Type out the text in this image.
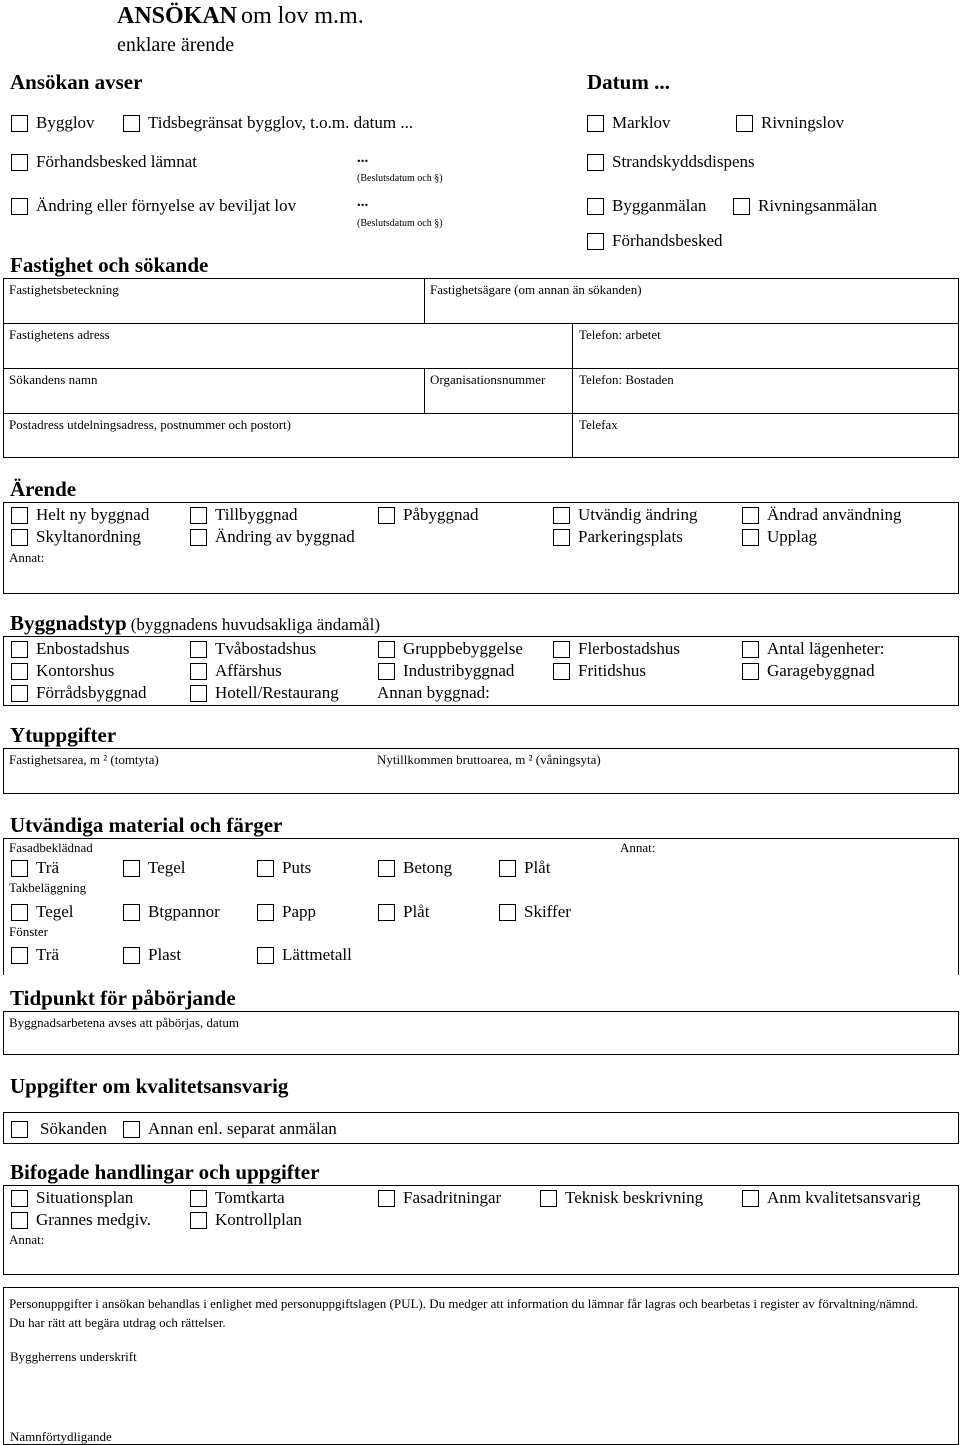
ANSÖKAN om lov m.m.
enklare ärende
Ansökan avser	Datum ...
Bygglov	Tidsbegränsat bygglov, t.o.m. datum ...	Marklov	Rivningslov
Förhandsbesked lämnat	...
(Beslutsdatum och §)
Strandskyddsdispens
Ändring eller förnyelse av beviljat lov	...
(Beslutsdatum och §)
Bygganmälan	Rivningsanmälan
Förhandsbesked
Fastighet och sökande
Fastighetsbeteckning	Fastighetsägare (om annan än sökanden)
Fastighetens adress	Telefon: arbetet
Sökandens namn	Organisationsnummer	Telefon: Bostaden
Postadress utdelningsadress, postnummer och postort)	Telefax
Ärende
Helt ny byggnad	Tillbyggnad	Påbyggnad	Utvändig ändring	Ändrad användning
Skyltanordning	Ändring av byggnad	Parkeringsplats	Upplag
Annat:
Byggnadstyp (byggnadens huvudsakliga ändamål)
Enbostadshus	Tvåbostadshus	Gruppbebyggelse	Flerbostadshus	Antal lägenheter:
Kontorshus	Affärshus	Industribyggnad	Fritidshus	Garagebyggnad
Förrådsbyggnad	Hotell/Restaurang Annan byggnad:
Ytuppgifter
Fastighetsarea, m ² (tomtyta)	Nytillkommen bruttoarea, m ² (våningsyta)
Utvändiga material och färger
Fasadbeklädnad	Annat:
Trä	Tegel	Puts	Betong	Plåt
Takbeläggning
Tegel	Btgpannor	Papp	Plåt	Skiffer
Fönster
Trä	Plast	Lättmetall
Tidpunkt för påbörjande
Byggnadsarbetena avses att påbörjas, datum
Uppgifter om kvalitetsansvarig
Sökanden Annan enl. separat anmälan
Bifogade handlingar och uppgifter
Situationsplan	Tomtkarta	Fasadritningar	Teknisk beskrivning	Anm kvalitetsansvarig
Grannes medgiv.	Kontrollplan
Annat:
Personuppgifter i ansökan behandlas i enlighet med personuppgiftslagen (PUL). Du medger att information du lämnar får lagras och bearbetas i register av förvaltning/nämnd. Du har rätt att begära utdrag och rättelser.
Byggherrens underskrift
Namnförtydligande
